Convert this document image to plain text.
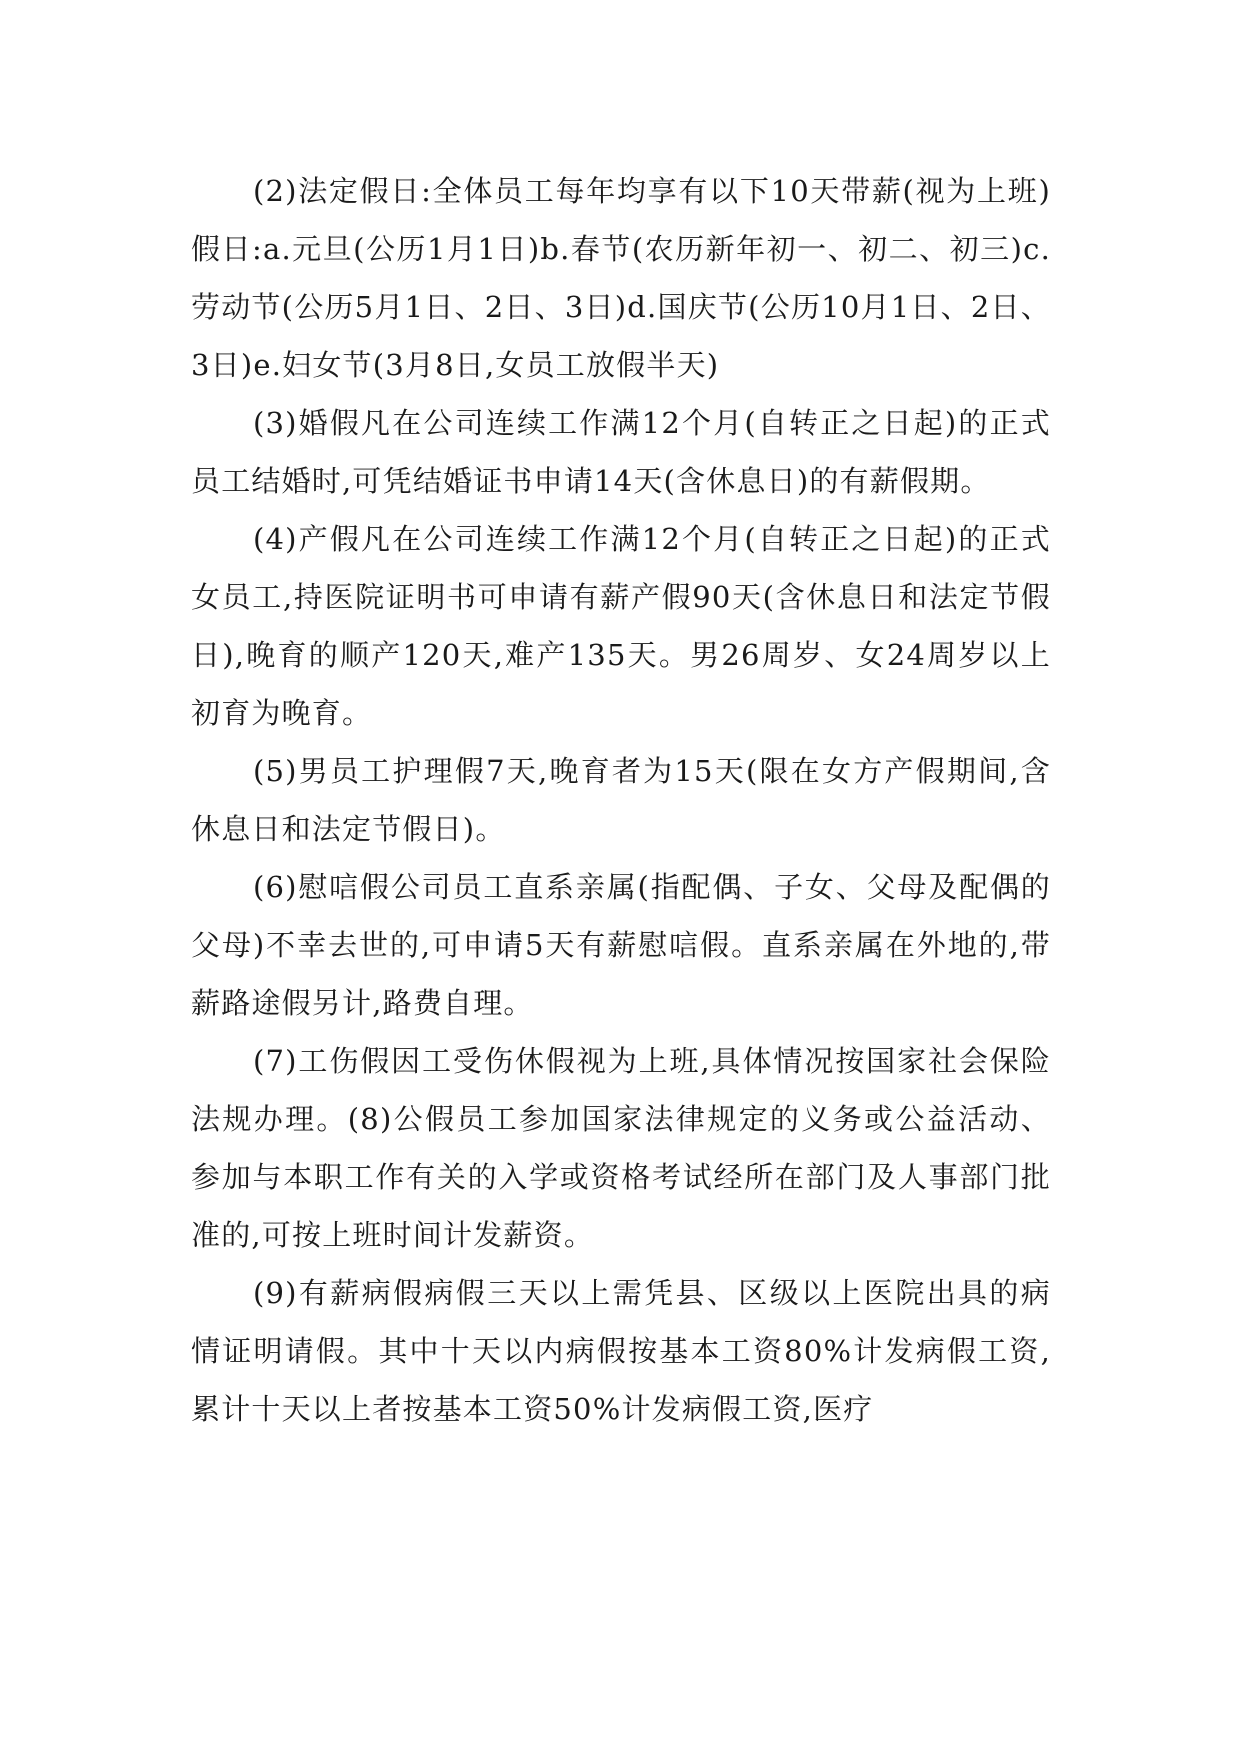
(2)法定假日:全体员工每年均享有以下10天带薪(视为上班)假日:a.元旦(公历1月1日)b.春节(农历新年初一、初二、初三)c.劳动节(公历5月1日、2日、3日)d.国庆节(公历10月1日、2日、3日)e.妇女节(3月8日,女员工放假半天)

(3)婚假凡在公司连续工作满12个月(自转正之日起)的正式员工结婚时,可凭结婚证书申请14天(含休息日)的有薪假期。

(4)产假凡在公司连续工作满12个月(自转正之日起)的正式女员工,持医院证明书可申请有薪产假90天(含休息日和法定节假日),晚育的顺产120天,难产135天。男26周岁、女24周岁以上初育为晚育。

(5)男员工护理假7天,晚育者为15天(限在女方产假期间,含休息日和法定节假日)。

(6)慰唁假公司员工直系亲属(指配偶、子女、父母及配偶的父母)不幸去世的,可申请5天有薪慰唁假。直系亲属在外地的,带薪路途假另计,路费自理。

(7)工伤假因工受伤休假视为上班,具体情况按国家社会保险法规办理。(8)公假员工参加国家法律规定的义务或公益活动、参加与本职工作有关的入学或资格考试经所在部门及人事部门批准的,可按上班时间计发薪资。

(9)有薪病假病假三天以上需凭县、区级以上医院出具的病情证明请假。其中十天以内病假按基本工资80%计发病假工资,累计十天以上者按基本工资50%计发病假工资,医疗
